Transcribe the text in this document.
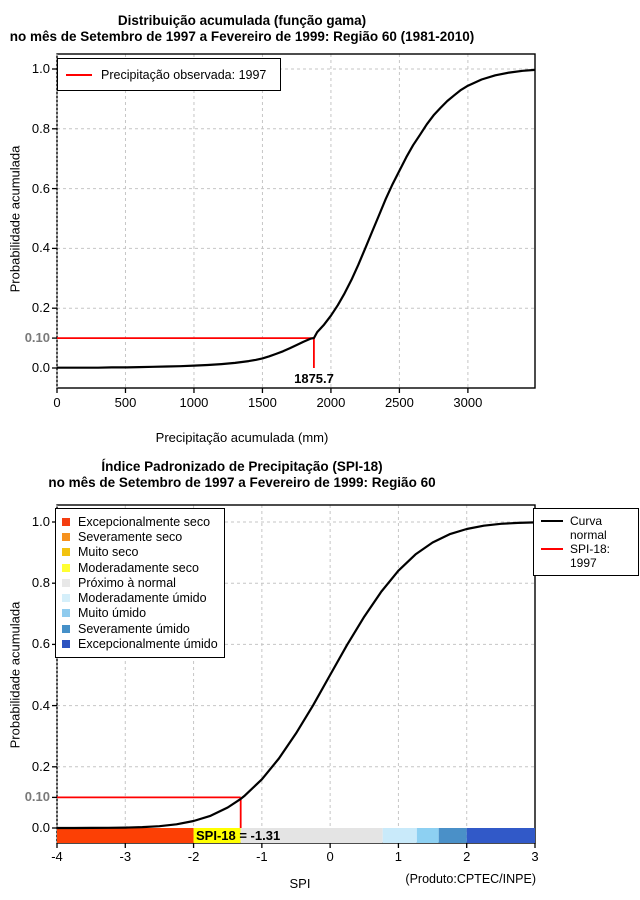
Distribuição acumulada (função gama)
no mês de Setembro de 1997 a Fevereiro de 1999: Região 60 (1981-2010)
Probabilidade acumulada
Precipitação acumulada (mm)
0.10
1875.7
Precipitação observada: 1997
Índice Padronizado de Precipitação (SPI-18)
no mês de Setembro de 1997 a Fevereiro de 1999: Região 60
Probabilidade acumulada
SPI	(Produto:CPTEC/INPE)
0.10
SPI-18 = -1.31
Excepcionalmente seco
Severamente seco
Muito seco
Moderadamente seco
Próximo à normal
Moderadamente úmido
Muito úmido
Severamente úmido
Excepcionalmente úmido
Curva normal
SPI-18: 1997
0	500	1000	1500	2000	2500	3000
0.0
0.2
0.4
0.6
0.8
1.0
-4	-3	-2	-1	0	1	2	3
0.0
0.2
0.4
0.6
0.8
1.0
